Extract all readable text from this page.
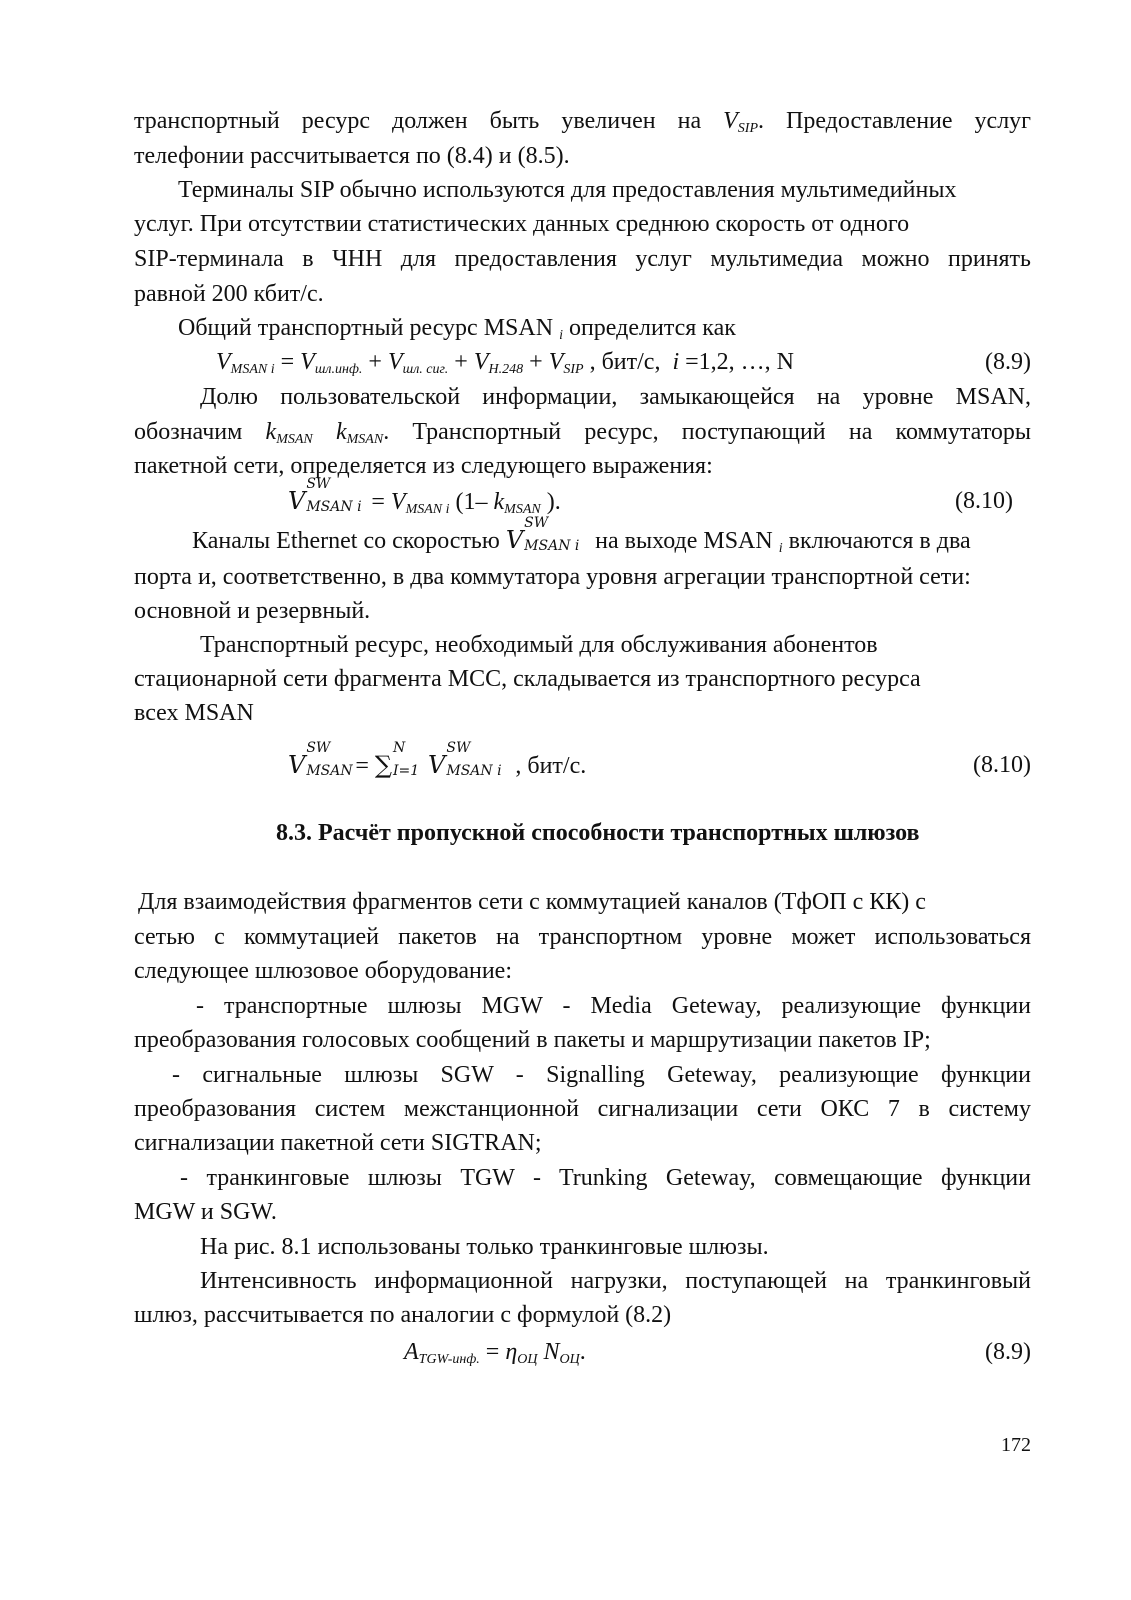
транспортный ресурс должен быть увеличен на $V_{SIP}$. Предоставление услуг
телефонии рассчитывается по (8.4) и (8.5).
Терминалы SIP обычно используются для предоставления мультимедийных
услуг. При отсутствии статистических данных среднюю скорость от одного
SIP-терминала в ЧНН для предоставления услуг мультимедиа можно принять
равной 200 кбит/с.
Общий транспортный ресурс MSAN $_i$ определится как
$V_{MSAN i} = V_{шл.инф.} + V_{шл. сиг.} + V_{H.248} + V_{SIP}$ , бит/с, i =1,2, …, N	(8.9)
Долю пользовательской информации, замыкающейся на уровне MSAN,
обозначим $k_{MSAN}$ $k_{MSAN}$. Транспортный ресурс, поступающий на коммутаторы
пакетной сети, определяется из следующего выражения:
V
SW
MSAN $i = V_{MSAN i}$ (1– $k_{MSAN}$ ).	(8.10)
Каналы Ethernet со скоростью V
SW
MSAN i на выходе MSAN $_i$ включаются в два
порта и, соответственно, в два коммутатора уровня агрегации транспортной сети:
основной и резервный.
Транспортный ресурс, необходимый для обслуживания абонентов
стационарной сети фрагмента МСС, складывается из транспортного ресурса
всех MSAN
V
SW
MSAN = ∑
N
I=1 V
SW
MSAN i , бит/с.	(8.10)
8.3. Расчёт пропускной способности транспортных шлюзов
Для взаимодействия фрагментов сети с коммутацией каналов (ТфОП с КК) с
сетью с коммутацией пакетов на транспортном уровне может использоваться
следующее шлюзовое оборудование:
- транспортные шлюзы MGW - Media Geteway, реализующие функции
преобразования голосовых сообщений в пакеты и маршрутизации пакетов IP;
- сигнальные шлюзы SGW - Signalling Geteway, реализующие функции
преобразования систем межстанционной сигнализации сети ОКС 7 в систему
сигнализации пакетной сети SIGTRAN;
- транкинговые шлюзы TGW - Trunking Geteway, совмещающие функции
MGW и SGW.
На рис. 8.1 использованы только транкинговые шлюзы.
Интенсивность информационной нагрузки, поступающей на транкинговый
шлюз, рассчитывается по аналогии с формулой (8.2)
$A_{TGW-инф.} = \eta_{ОЦ}$ $N_{ОЦ}$.	(8.9)
172
